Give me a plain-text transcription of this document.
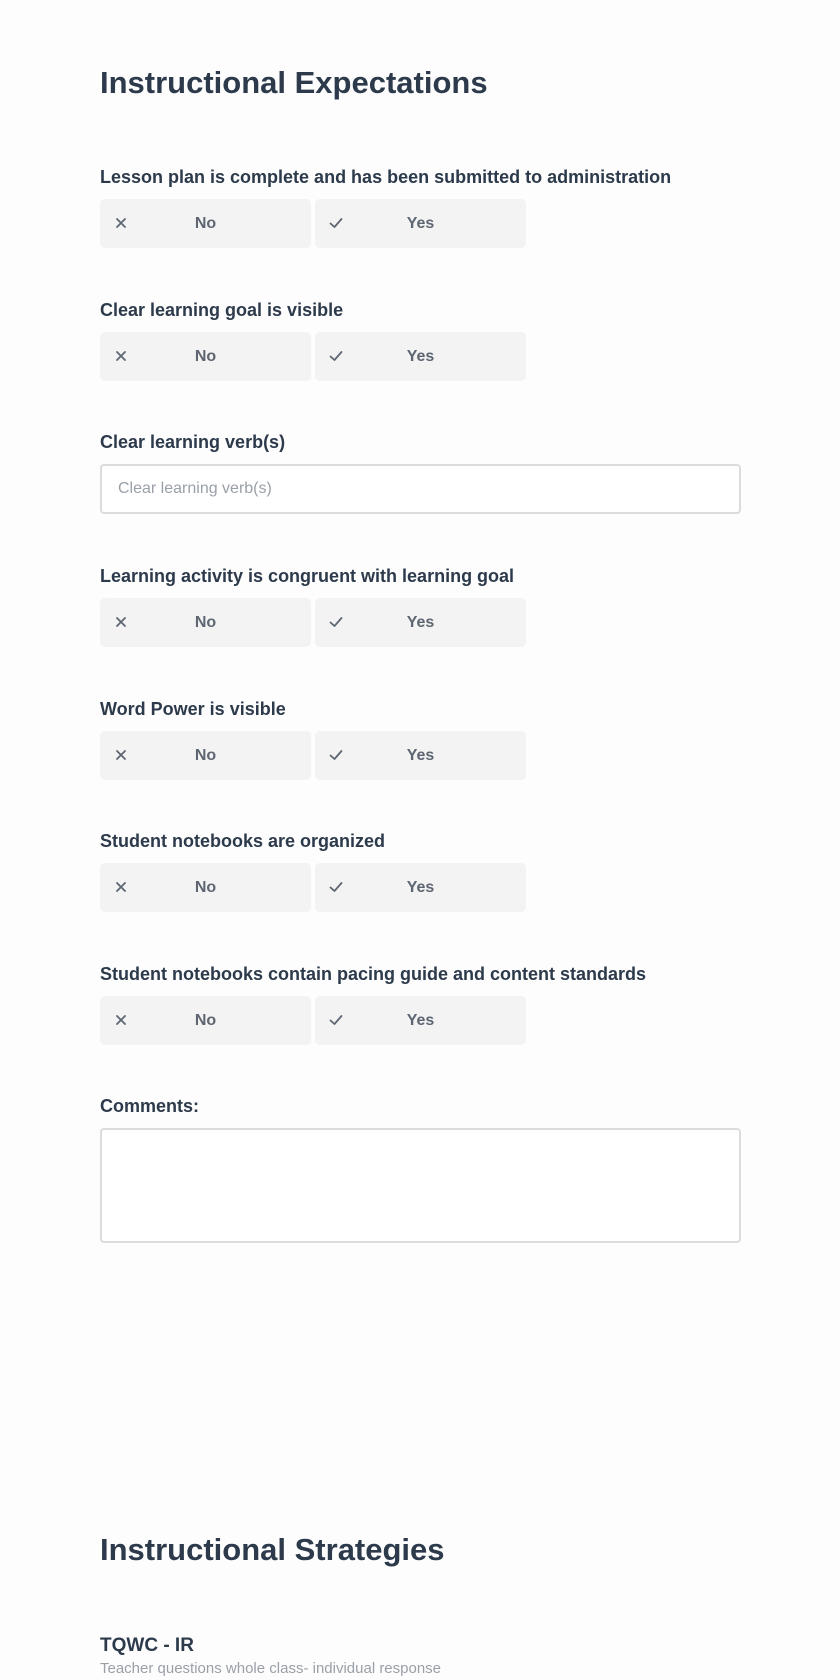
Instructional Expectations
Lesson plan is complete and has been submitted to administration
No	Yes
Clear learning goal is visible
No	Yes
Clear learning verb(s)
Clear learning verb(s)
Learning activity is congruent with learning goal
No	Yes
Word Power is visible
No	Yes
Student notebooks are organized
No	Yes
Student notebooks contain pacing guide and content standards
No	Yes
Comments:
Instructional Strategies
TQWC - IR
Teacher questions whole class- individual response
